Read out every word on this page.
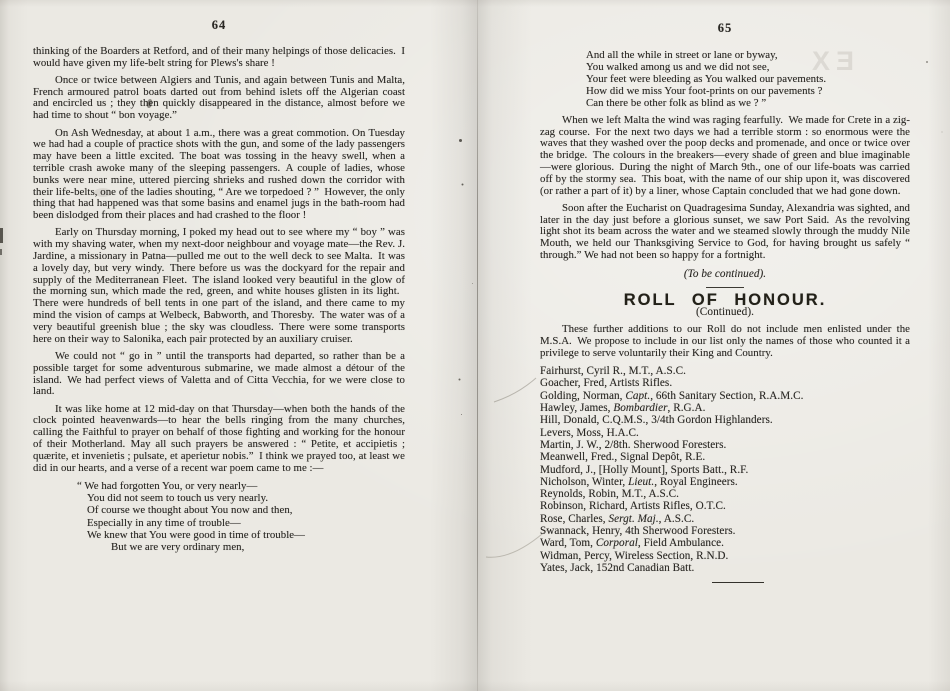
EX
64

thinking of the Boarders at Retford, and of their many helpings of those delicacies. I would have given my life-belt string for Plews's share !

Once or twice between Algiers and Tunis, and again between Tunis and Malta, French armoured patrol boats darted out from behind islets off the Algerian coast and encircled us ; they then quickly disappeared in the distance, almost before we had time to shout “ bon voyage.”

On Ash Wednesday, at about 1 a.m., there was a great commotion. On Tuesday we had had a couple of practice shots with the gun, and some of the lady passengers may have been a little excited. The boat was tossing in the heavy swell, when a terrible crash awoke many of the sleeping passengers. A couple of ladies, whose bunks were near mine, uttered piercing shrieks and rushed down the corridor with their life-belts, one of the ladies shouting, “ Are we torpedoed ? ” However, the only thing that had happened was that some basins and enamel jugs in the bath-room had been dislodged from their places and had crashed to the floor !

Early on Thursday morning, I poked my head out to see where my “ boy ” was with my shaving water, when my next-door neighbour and voyage mate—the Rev. J. Jardine, a missionary in Patna—pulled me out to the well deck to see Malta. It was a lovely day, but very windy. There before us was the dockyard for the repair and supply of the Mediterranean Fleet. The island looked very beautiful in the glow of the morning sun, which made the red, green, and white houses glisten in its light. There were hundreds of bell tents in one part of the island, and there came to my mind the vision of camps at Welbeck, Babworth, and Thoresby. The water was of a very beautiful greenish blue ; the sky was cloudless. There were some transports here on their way to Salonika, each pair protected by an auxiliary cruiser.

We could not “ go in ” until the transports had departed, so rather than be a possible target for some adventurous submarine, we made almost a détour of the island. We had perfect views of Valetta and of Citta Vecchia, for we were close to land.

It was like home at 12 mid-day on that Thursday—when both the hands of the clock pointed heavenwards—to hear the bells ringing from the many churches, calling the Faithful to prayer on behalf of those fighting and working for the honour of their Motherland. May all such prayers be answered : “ Petite, et accipietis ; quærite, et invenietis ; pulsate, et aperietur nobis.” I think we prayed too, at least we did in our hearts, and a verse of a recent war poem came to me :—

“ We had forgotten You, or very nearly—
You did not seem to touch us very nearly.
Of course we thought about You now and then,
Especially in any time of trouble—
We knew that You were good in time of trouble—
But we are very ordinary men,
65
And all the while in street or lane or byway,
You walked among us and we did not see,
Your feet were bleeding as You walked our pavements.
How did we miss Your foot-prints on our pavements ?
Can there be other folk as blind as we ? ”

When we left Malta the wind was raging fearfully. We made for Crete in a zig-zag course. For the next two days we had a terrible storm : so enormous were the waves that they washed over the poop decks and promenade, and once or twice over the bridge. The colours in the breakers—every shade of green and blue imaginable—were glorious. During the night of March 9th., one of our life-boats was carried off by the stormy sea. This boat, with the name of our ship upon it, was discovered (or rather a part of it) by a liner, whose Captain concluded that we had gone down.

Soon after the Eucharist on Quadragesima Sunday, Alexandria was sighted, and later in the day just before a glorious sunset, we saw Port Said. As the revolving light shot its beam across the water and we steamed slowly through the muddy Nile Mouth, we held our Thanksgiving Service to God, for having brought us safely “ through.” We had not been so happy for a fortnight.

(To be continued).
ROLL OF HONOUR.
(Continued).

These further additions to our Roll do not include men enlisted under the M.S.A. We propose to include in our list only the names of those who counted it a privilege to serve voluntarily their King and Country.

Fairhurst, Cyril R., M.T., A.S.C.
Goacher, Fred, Artists Rifles.
Golding, Norman, Capt., 66th Sanitary Section, R.A.M.C.
Hawley, James, Bombardier, R.G.A.
Hill, Donald, C.Q.M.S., 3/4th Gordon Highlanders.
Levers, Moss, H.A.C.
Martin, J. W., 2/8th. Sherwood Foresters.
Meanwell, Fred., Signal Depôt, R.E.
Mudford, J., [Holly Mount], Sports Batt., R.F.
Nicholson, Winter, Lieut., Royal Engineers.
Reynolds, Robin, M.T., A.S.C.
Robinson, Richard, Artists Rifles, O.T.C.
Rose, Charles, Sergt. Maj., A.S.C.
Swannack, Henry, 4th Sherwood Foresters.
Ward, Tom, Corporal, Field Ambulance.
Widman, Percy, Wireless Section, R.N.D.
Yates, Jack, 152nd Canadian Batt.
